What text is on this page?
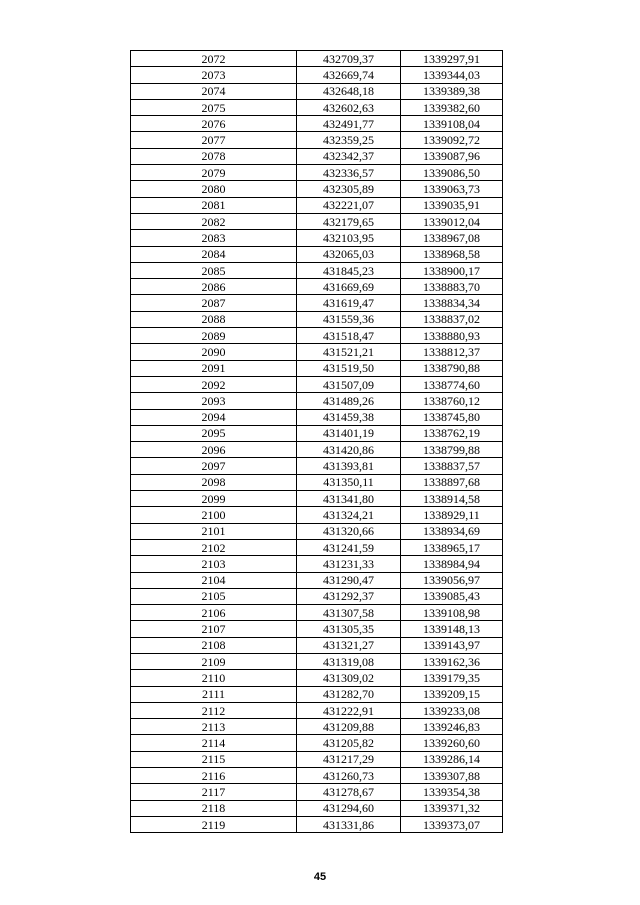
2072	432709,37	1339297,91
2073	432669,74	1339344,03
2074	432648,18	1339389,38
2075	432602,63	1339382,60
2076	432491,77	1339108,04
2077	432359,25	1339092,72
2078	432342,37	1339087,96
2079	432336,57	1339086,50
2080	432305,89	1339063,73
2081	432221,07	1339035,91
2082	432179,65	1339012,04
2083	432103,95	1338967,08
2084	432065,03	1338968,58
2085	431845,23	1338900,17
2086	431669,69	1338883,70
2087	431619,47	1338834,34
2088	431559,36	1338837,02
2089	431518,47	1338880,93
2090	431521,21	1338812,37
2091	431519,50	1338790,88
2092	431507,09	1338774,60
2093	431489,26	1338760,12
2094	431459,38	1338745,80
2095	431401,19	1338762,19
2096	431420,86	1338799,88
2097	431393,81	1338837,57
2098	431350,11	1338897,68
2099	431341,80	1338914,58
2100	431324,21	1338929,11
2101	431320,66	1338934,69
2102	431241,59	1338965,17
2103	431231,33	1338984,94
2104	431290,47	1339056,97
2105	431292,37	1339085,43
2106	431307,58	1339108,98
2107	431305,35	1339148,13
2108	431321,27	1339143,97
2109	431319,08	1339162,36
2110	431309,02	1339179,35
2111	431282,70	1339209,15
2112	431222,91	1339233,08
2113	431209,88	1339246,83
2114	431205,82	1339260,60
2115	431217,29	1339286,14
2116	431260,73	1339307,88
2117	431278,67	1339354,38
2118	431294,60	1339371,32
2119	431331,86	1339373,07
45
